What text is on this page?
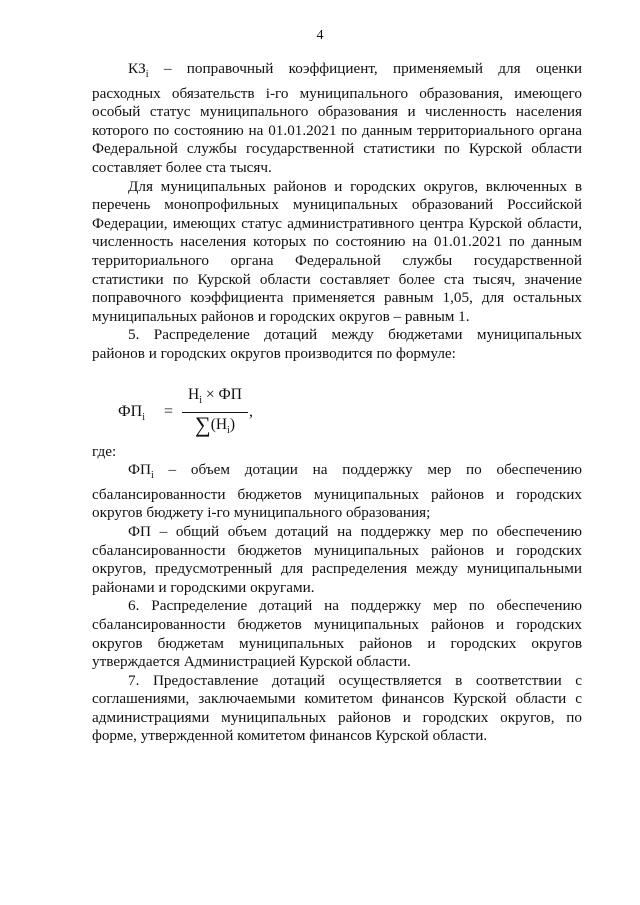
4

$КЗ_i$ – поправочный коэффициент, применяемый для оценки расходных обязательств i-го муниципального образования, имеющего особый статус муниципального образования и численность населения которого по состоянию на 01.01.2021 по данным территориального органа Федеральной службы государственной статистики по Курской области составляет более ста тысяч.

Для муниципальных районов и городских округов, включенных в перечень монопрофильных муниципальных образований Российской Федерации, имеющих статус административного центра Курской области, численность населения которых по состоянию на 01.01.2021 по данным территориального органа Федеральной службы государственной статистики по Курской области составляет более ста тысяч, значение поправочного коэффициента применяется равным 1,05, для остальных муниципальных районов и городских округов – равным 1.

5. Распределение дотаций между бюджетами муниципальных районов и городских округов производится по формуле:

$ФП_i$ =
$Н_i$ × ФП
$\sum(Н_i)$
,

где:

$ФП_i$ – объем дотации на поддержку мер по обеспечению сбалансированности бюджетов муниципальных районов и городских округов бюджету i-го муниципального образования;

ФП – общий объем дотаций на поддержку мер по обеспечению сбалансированности бюджетов муниципальных районов и городских округов, предусмотренный для распределения между муниципальными районами и городскими округами.

6. Распределение дотаций на поддержку мер по обеспечению сбалансированности бюджетов муниципальных районов и городских округов бюджетам муниципальных районов и городских округов утверждается Администрацией Курской области.

7. Предоставление дотаций осуществляется в соответствии с соглашениями, заключаемыми комитетом финансов Курской области с администрациями муниципальных районов и городских округов, по форме, утвержденной комитетом финансов Курской области.
